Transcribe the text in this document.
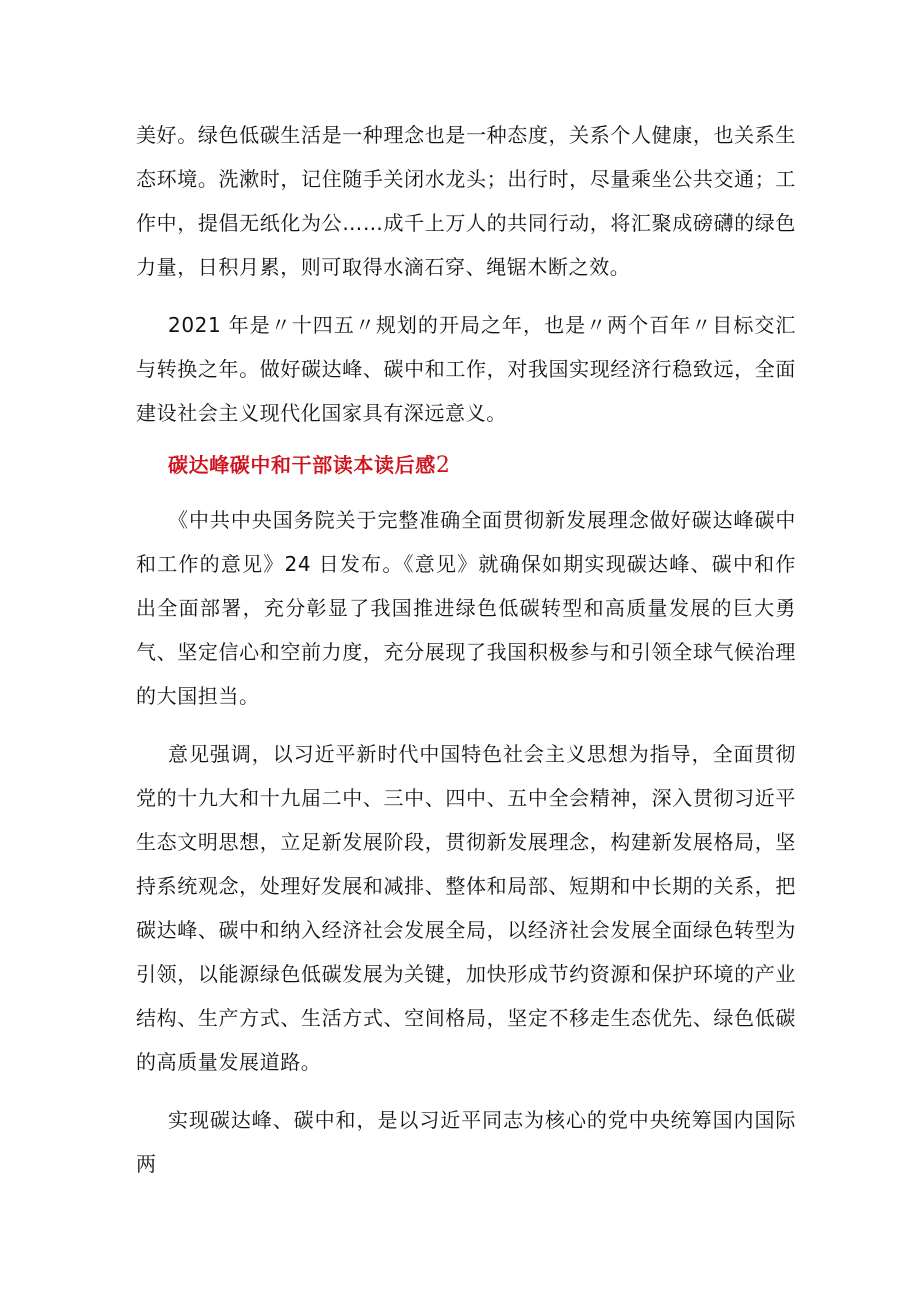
美好。绿色低碳生活是一种理念也是一种态度，关系个人健康，也关系生态环境。洗漱时，记住随手关闭水龙头；出行时，尽量乘坐公共交通；工作中，提倡无纸化为公……成千上万人的共同行动，将汇聚成磅礴的绿色力量，日积月累，则可取得水滴石穿、绳锯木断之效。

2021 年是〃十四五〃规划的开局之年，也是〃两个百年〃目标交汇与转换之年。做好碳达峰、碳中和工作，对我国实现经济行稳致远，全面建设社会主义现代化国家具有深远意义。

碳达峰碳中和干部读本读后感2

《中共中央国务院关于完整准确全面贯彻新发展理念做好碳达峰碳中和工作的意见》24 日发布。《意见》就确保如期实现碳达峰、碳中和作出全面部署，充分彰显了我国推进绿色低碳转型和高质量发展的巨大勇气、坚定信心和空前力度，充分展现了我国积极参与和引领全球气候治理的大国担当。

意见强调，以习近平新时代中国特色社会主义思想为指导，全面贯彻党的十九大和十九届二中、三中、四中、五中全会精神，深入贯彻习近平生态文明思想，立足新发展阶段，贯彻新发展理念，构建新发展格局，坚持系统观念，处理好发展和减排、整体和局部、短期和中长期的关系，把碳达峰、碳中和纳入经济社会发展全局，以经济社会发展全面绿色转型为引领，以能源绿色低碳发展为关键，加快形成节约资源和保护环境的产业结构、生产方式、生活方式、空间格局，坚定不移走生态优先、绿色低碳的高质量发展道路。

实现碳达峰、碳中和，是以习近平同志为核心的党中央统筹国内国际两
